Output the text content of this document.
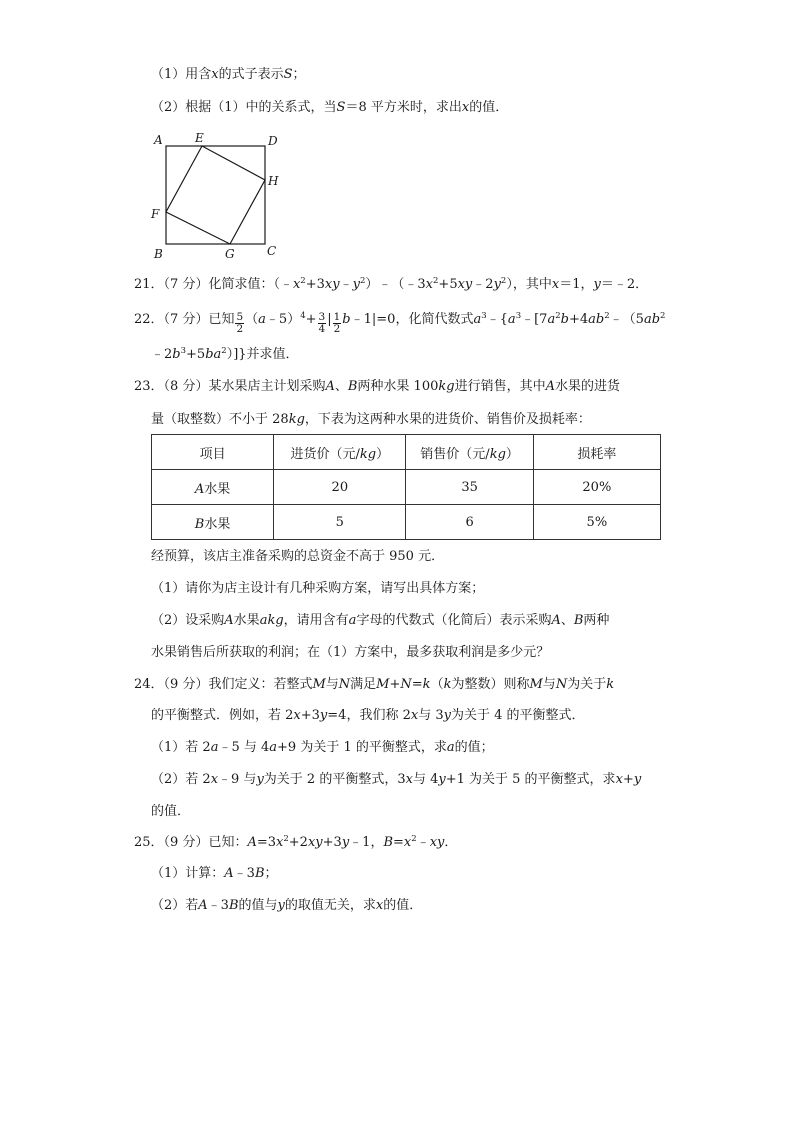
（1）用含x的式子表示S；
（2）根据（1）中的关系式，当S＝8 平方米时，求出x的值．
A	E	D
H
F
B	G	C
21．（7 分）化简求值：$(﹣x^2+3xy﹣y^2)﹣(﹣3x^2+5xy﹣2y^2)$，其中x＝1，y＝﹣2．
22．（7 分）已知 $\frac{5}{2}$ （a﹣5）$^4$+ $\frac{3}{4}$ | $\frac{1}{2}$ b﹣1|=0，化简代数式$a^3﹣\{a^3﹣[7a^2b+4ab^2﹣(5ab^2$
$﹣2b^3+5ba^2$）]}并求值．
23．（8 分）某水果店主计划采购A、B两种水果 100kg进行销售，其中A水果的进货
量（取整数）不小于 28kg，下表为这两种水果的进货价、销售价及损耗率：
项目	进货价（元/kg）	销售价（元/kg）	损耗率
A水果	20	35	20%
B水果	5	6	5%
经预算，该店主准备采购的总资金不高于 950 元．
（1）请你为店主设计有几种采购方案，请写出具体方案；
（2）设采购A水果akg，请用含有a字母的代数式（化简后）表示采购A、B两种
水果销售后所获取的利润；在（1）方案中，最多获取利润是多少元？
24．（9 分）我们定义：若整式M与N满足M+N=k（k为整数）则称M与N为关于k
的平衡整式．例如，若 2x+3y=4，我们称 2x与 3y为关于 4 的平衡整式．
（1）若 2a﹣5 与 4a+9 为关于 1 的平衡整式，求a的值；
（2）若 2x﹣9 与y为关于 2 的平衡整式，3x与 4y+1 为关于 5 的平衡整式，求x+y
的值．
25．（9 分）已知：$A=3x^2+2xy+3y﹣1$，$B=x^2﹣xy$．
（1）计算：A﹣3B；
（2）若A﹣3B的值与y的取值无关，求x的值．
